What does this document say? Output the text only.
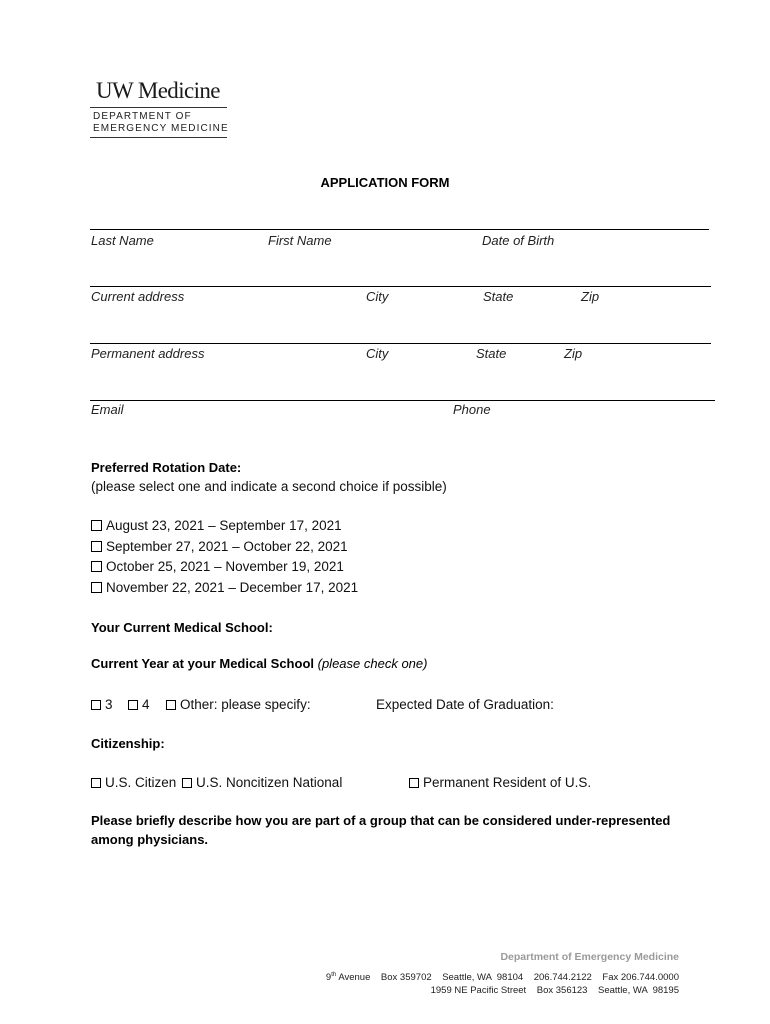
UW Medicine
DEPARTMENT OF
EMERGENCY MEDICINE
APPLICATION FORM
Last Name	First Name	Date of Birth
Current address	City	State	Zip
Permanent address	City	State	Zip
Email	Phone
Preferred Rotation Date:
(please select one and indicate a second choice if possible)
August 23, 2021 – September 17, 2021
September 27, 2021 – October 22, 2021
October 25, 2021 – November 19, 2021
November 22, 2021 – December 17, 2021
Your Current Medical School:
Current Year at your Medical School (please check one)
3	4	Other: please specify:	Expected Date of Graduation:
Citizenship:
U.S. Citizen	U.S. Noncitizen National	Permanent Resident of U.S.
Please briefly describe how you are part of a group that can be considered under-represented
among physicians.
Department of Emergency Medicine
9th Avenue    Box 359702    Seattle, WA  98104    206.744.2122    Fax 206.744.0000
1959 NE Pacific Street    Box 356123    Seattle, WA  98195
